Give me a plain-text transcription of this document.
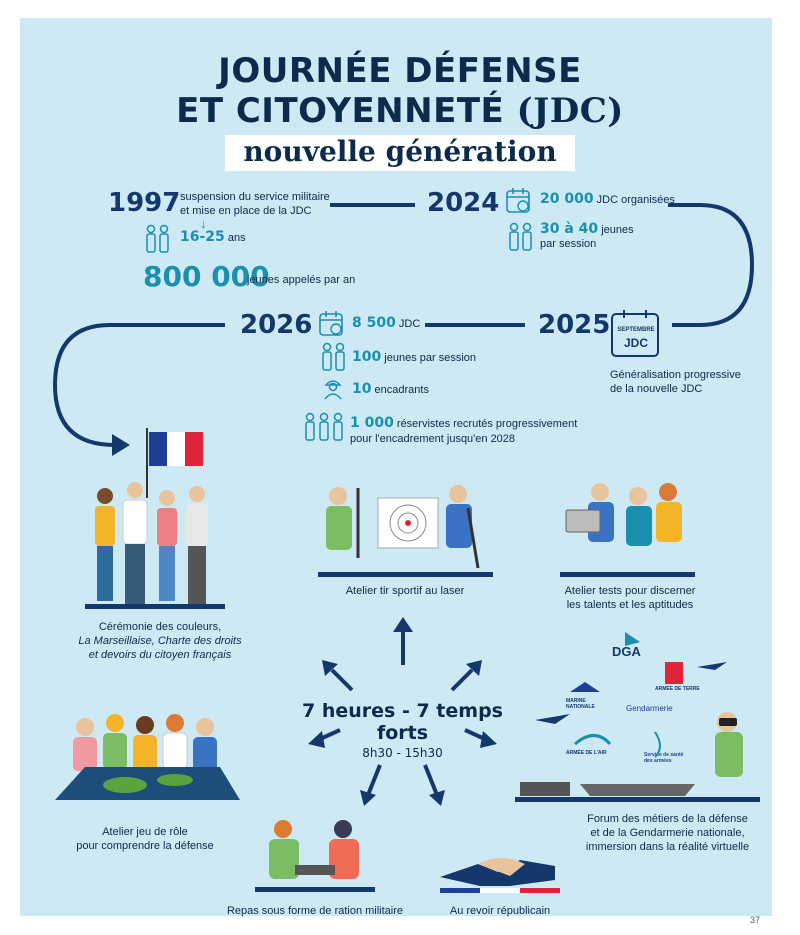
JOURNÉE DÉFENSE
ET CITOYENNETÉ (JDC)
nouvelle génération
1997 suspension du service militaire
et mise en place de la JDC
↓
16-25 ans
800 000
jeunes appelés par an
2024	20 000 JDC organisées
30 à 40 jeunes
par session
2025	SEPTEMBRE
JDC
Généralisation progressive
de la nouvelle JDC
2026	8 500 JDC
100 jeunes par session
10 encadrants
1 000 réservistes recrutés progressivement
pour l'encadrement jusqu'en 2028
Cérémonie des couleurs,
La Marseillaise, Charte des droits
et devoirs du citoyen français
Atelier tir sportif au laser	Atelier tests pour discerner
les talents et les aptitudes
7 heures - 7 temps forts
8h30 - 15h30
Atelier jeu de rôle
pour comprendre la défense
DGA
ARMÉE DE TERRE
MARINE NATIONALE	Gendarmerie
ARMÉE DE L'AIR	Service de santé des armées
Forum des métiers de la défense
et de la Gendarmerie nationale,
immersion dans la réalité virtuelle
Repas sous forme de ration militaire	Au revoir républicain
37
